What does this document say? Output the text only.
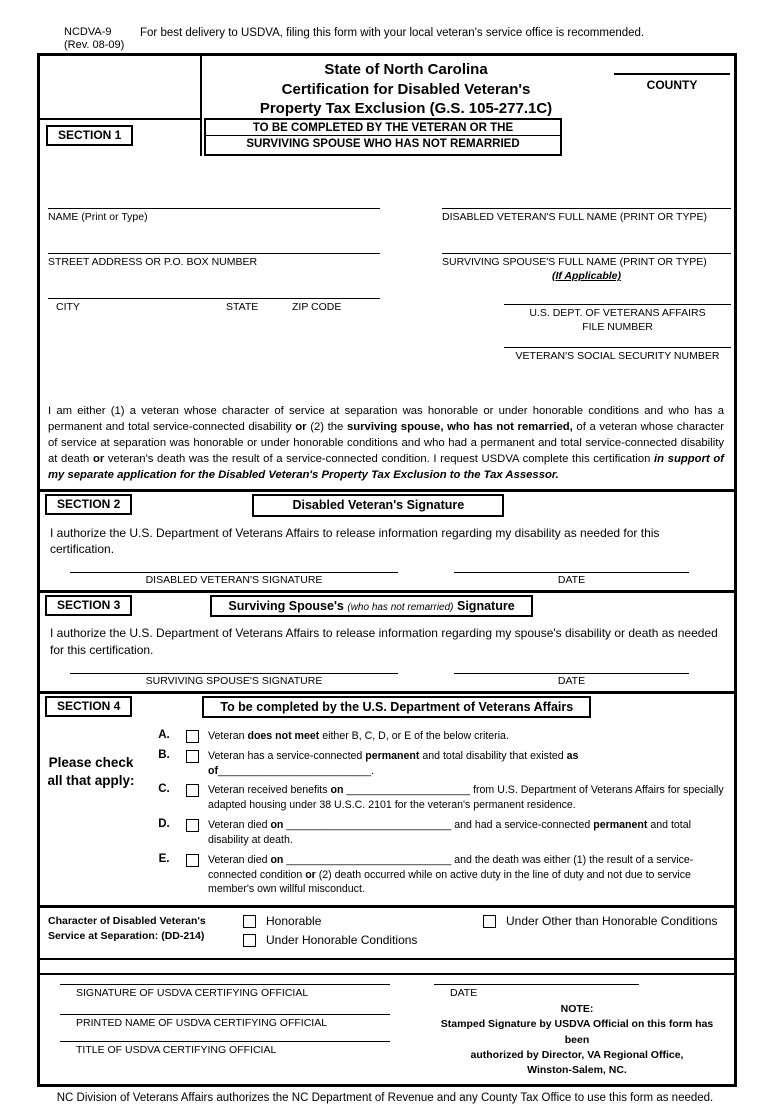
NCDVA-9
(Rev. 08-09)
For best delivery to USDVA, filing this form with your local veteran's service office is recommended.
State of North Carolina
Certification for Disabled Veteran's
Property Tax Exclusion (G.S. 105-277.1C)
COUNTY
SECTION 1
TO BE COMPLETED BY THE VETERAN OR THE
SURVIVING SPOUSE WHO HAS NOT REMARRIED
NAME (Print or Type)
STREET ADDRESS OR P.O. BOX NUMBER
CITY	STATE	ZIP CODE
DISABLED VETERAN'S FULL NAME (PRINT OR TYPE)
SURVIVING SPOUSE'S FULL NAME (PRINT OR TYPE)
(If Applicable)
U.S. DEPT. OF VETERANS AFFAIRS
FILE NUMBER
VETERAN'S SOCIAL SECURITY NUMBER
I am either (1) a veteran whose character of service at separation was honorable or under honorable conditions and who has a permanent and total service-connected disability or (2) the surviving spouse, who has not remarried, of a veteran whose character of service at separation was honorable or under honorable conditions and who had a permanent and total service-connected disability at death or veteran's death was the result of a service-connected condition. I request USDVA complete this certification in support of my separate application for the Disabled Veteran's Property Tax Exclusion to the Tax Assessor.
SECTION 2	Disabled Veteran's Signature
I authorize the U.S. Department of Veterans Affairs to release information regarding my disability as needed for this certification.
DISABLED VETERAN'S SIGNATURE	DATE
SECTION 3	Surviving Spouse's (who has not remarried) Signature
I authorize the U.S. Department of Veterans Affairs to release information regarding my spouse's disability or death as needed for this certification.
SURVIVING SPOUSE'S SIGNATURE	DATE
SECTION 4	To be completed by the U.S. Department of Veterans Affairs
Please check all that apply:
A.	Veteran does not meet either B, C, D, or E of the below criteria.
B.	Veteran has a service-connected permanent and total disability that existed as of__________________________.
C.	Veteran received benefits on _____________________ from U.S. Department of Veterans Affairs for specially adapted housing under 38 U.S.C. 2101 for the veteran's permanent residence.
D.	Veteran died on ____________________________ and had a service-connected permanent and total disability at death.
E.	Veteran died on ____________________________ and the death was either (1) the result of a service-connected condition or (2) death occurred while on active duty in the line of duty and not due to service member's own willful misconduct.
Character of Disabled Veteran's
Service at Separation: (DD-214)
Honorable
Under Honorable Conditions
Under Other than Honorable Conditions
SIGNATURE OF USDVA CERTIFYING OFFICIAL
PRINTED NAME OF USDVA CERTIFYING OFFICIAL
TITLE OF USDVA CERTIFYING OFFICIAL
DATE
NOTE:
Stamped Signature by USDVA Official on this form has been
authorized by Director, VA Regional Office,
Winston-Salem, NC.
NC Division of Veterans Affairs authorizes the NC Department of Revenue and any County Tax Office to use this form as needed.
